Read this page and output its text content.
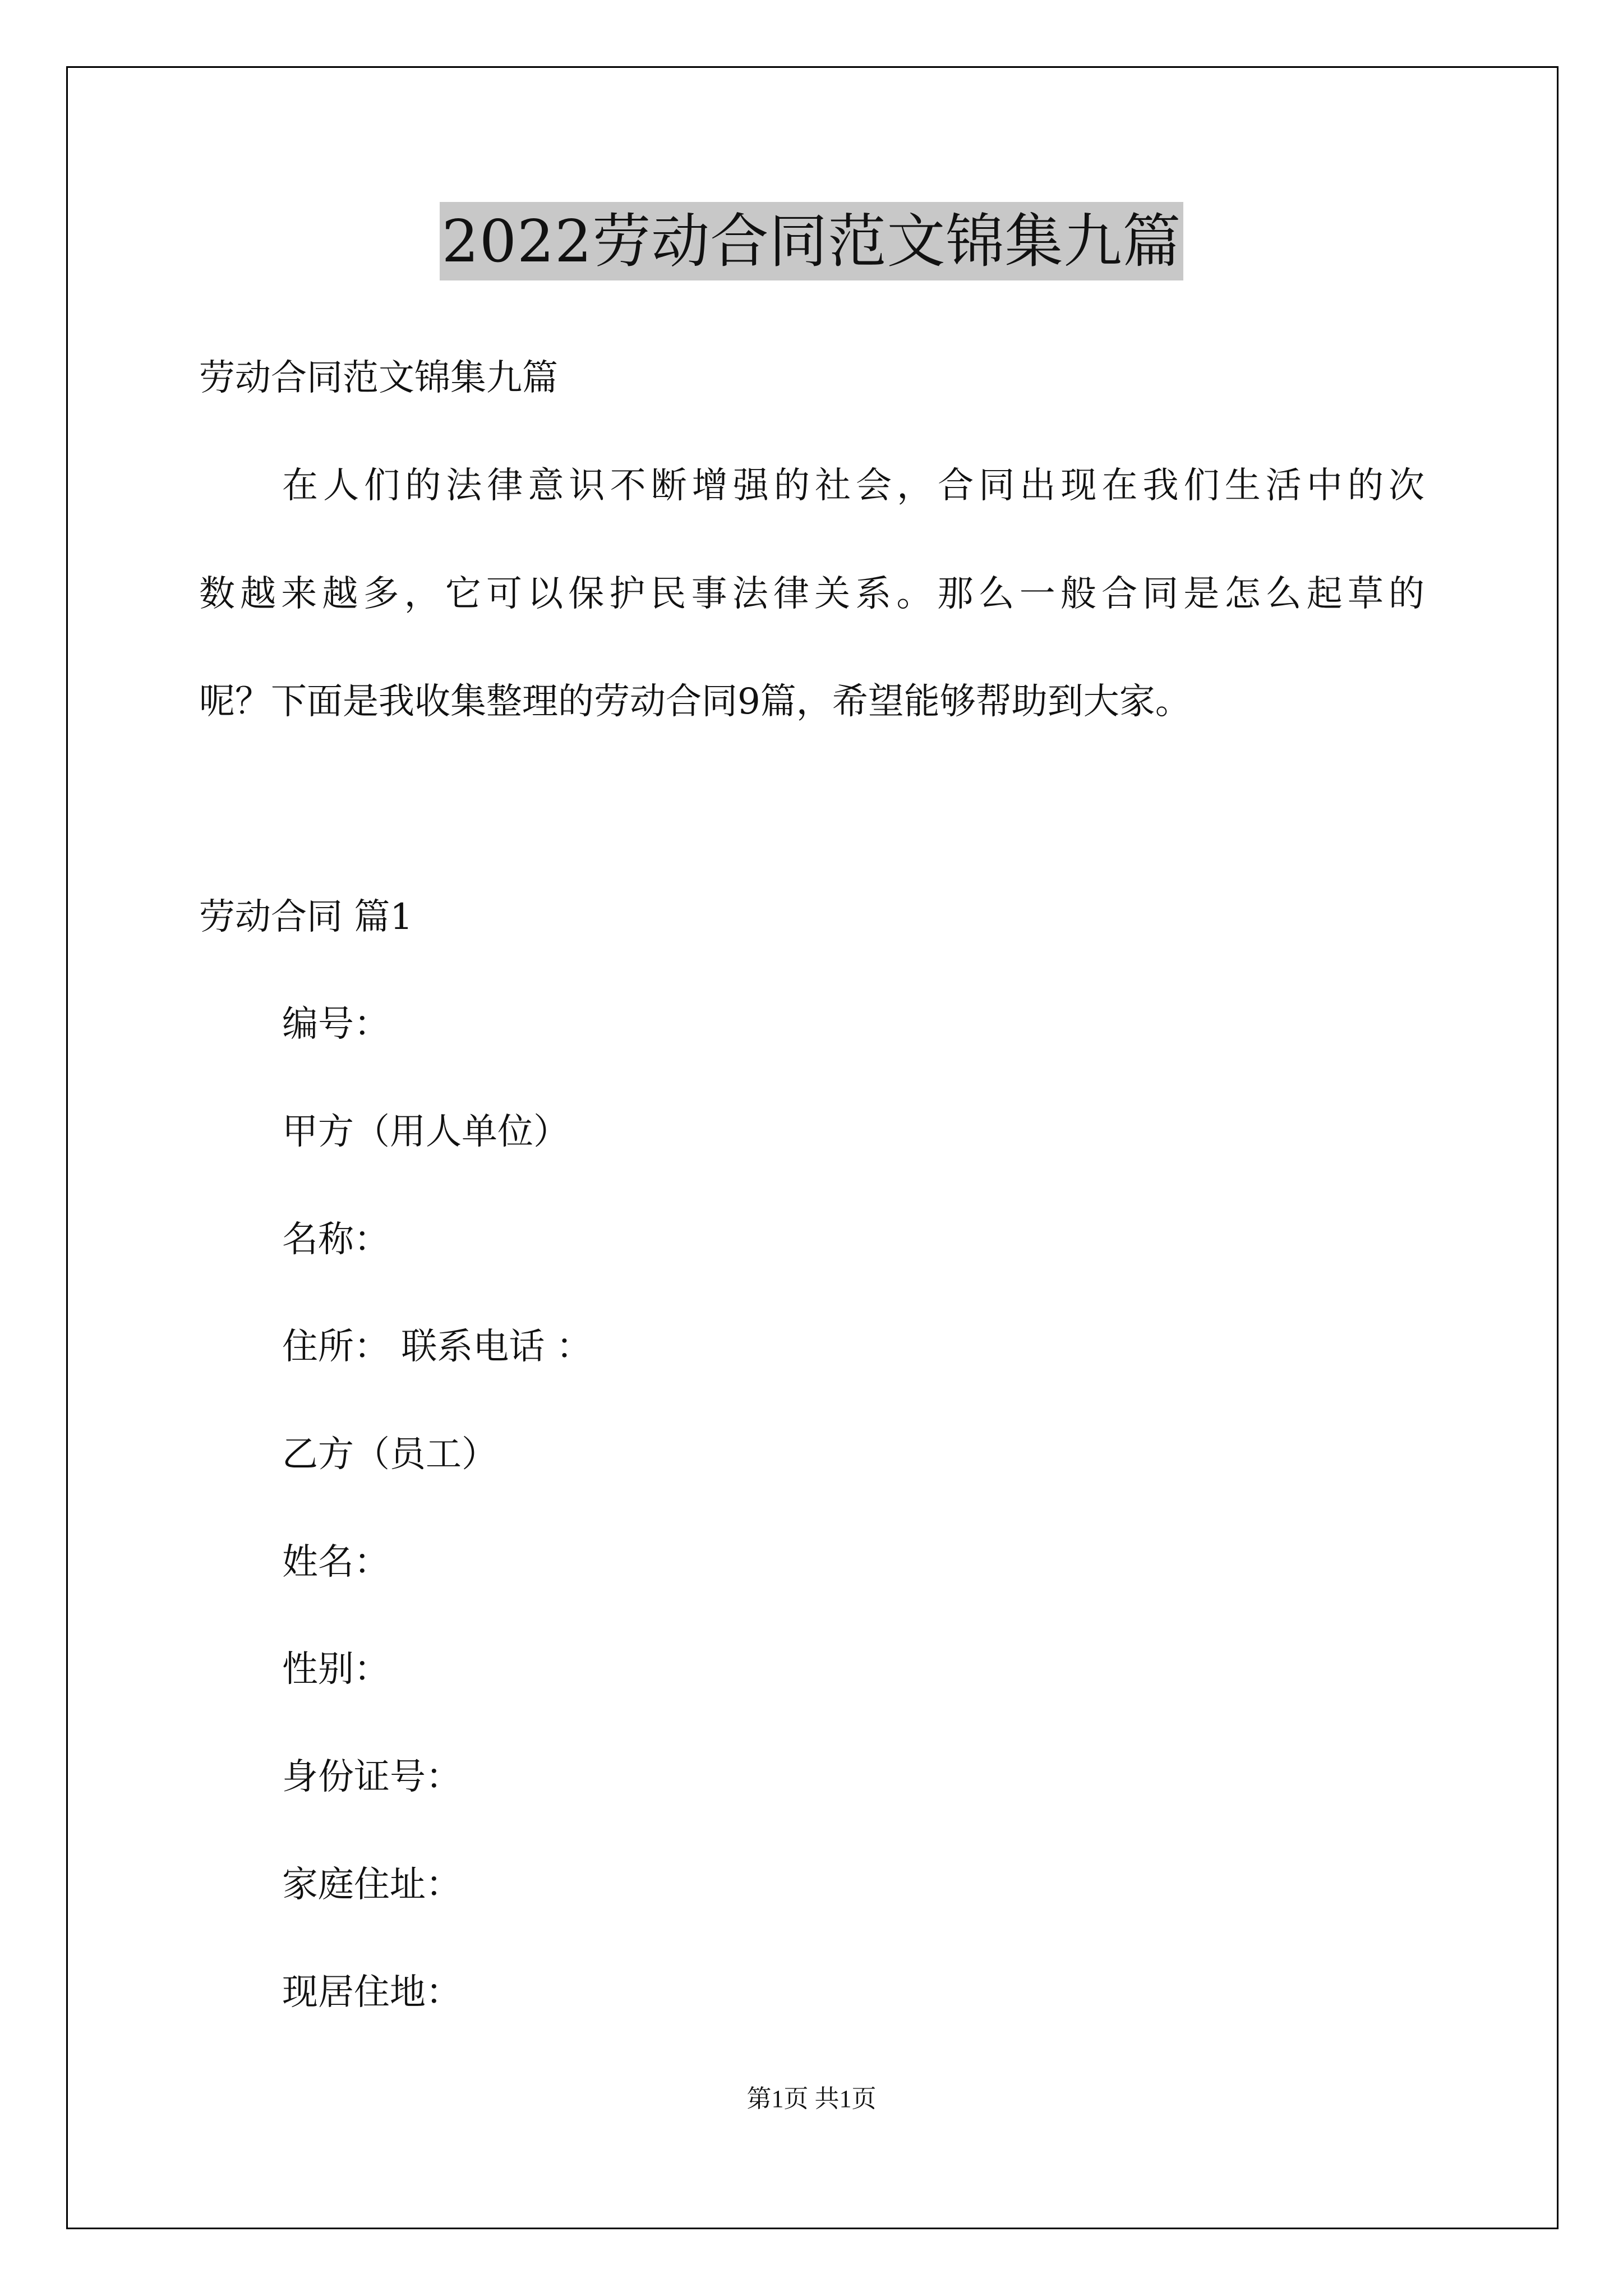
2022劳动合同范文锦集九篇
劳动合同范文锦集九篇
在人们的法律意识不断增强的社会，合同出现在我们生活中的次
数越来越多，它可以保护民事法律关系。那么一般合同是怎么起草的
呢？下面是我收集整理的劳动合同9篇，希望能够帮助到大家。
劳动合同 篇1
编号：
甲方（用人单位）
名称：
住所： 联系电话 ：
乙方（员工）
姓名：
性别：
身份证号：
家庭住址：
现居住地：
第1页 共1页
